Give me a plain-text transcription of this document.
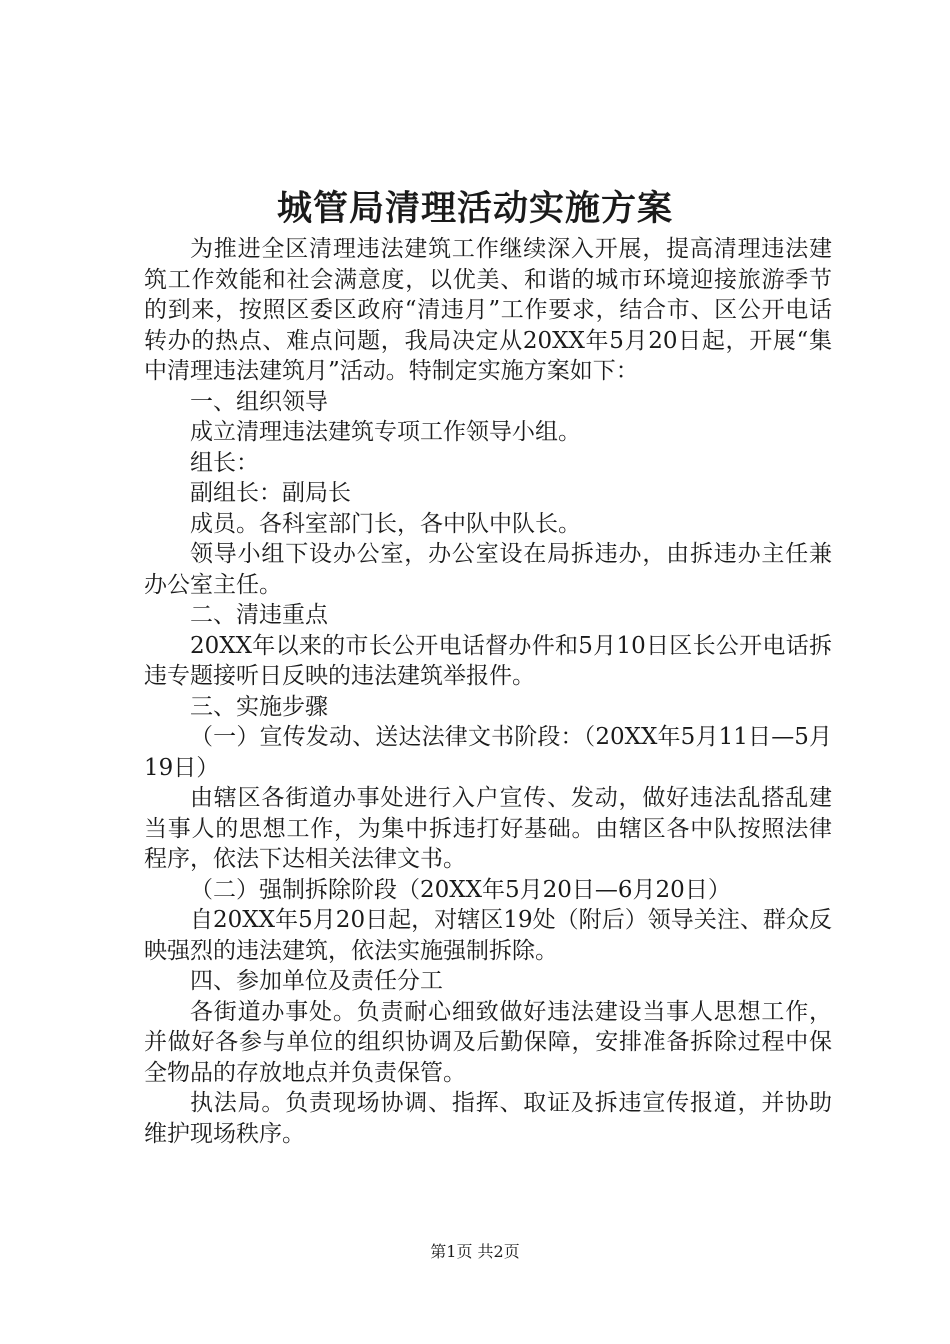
城管局清理活动实施方案

为推进全区清理违法建筑工作继续深入开展，提高清理违法建筑工作效能和社会满意度，以优美、和谐的城市环境迎接旅游季节的到来，按照区委区政府“清违月”工作要求，结合市、区公开电话转办的热点、难点问题，我局决定从20XX年5月20日起，开展“集中清理违法建筑月”活动。特制定实施方案如下：

一、组织领导

成立清理违法建筑专项工作领导小组。

组长：

副组长：副局长

成员。各科室部门长，各中队中队长。

领导小组下设办公室，办公室设在局拆违办，由拆违办主任兼办公室主任。

二、清违重点

20XX年以来的市长公开电话督办件和5月10日区长公开电话拆违专题接听日反映的违法建筑举报件。

三、实施步骤

（一）宣传发动、送达法律文书阶段：（20XX年5月11日—5月19日）

由辖区各街道办事处进行入户宣传、发动，做好违法乱搭乱建当事人的思想工作，为集中拆违打好基础。由辖区各中队按照法律程序，依法下达相关法律文书。

（二）强制拆除阶段（20XX年5月20日—6月20日）

自20XX年5月20日起，对辖区19处（附后）领导关注、群众反映强烈的违法建筑，依法实施强制拆除。

四、参加单位及责任分工

各街道办事处。负责耐心细致做好违法建设当事人思想工作，并做好各参与单位的组织协调及后勤保障，安排准备拆除过程中保全物品的存放地点并负责保管。

执法局。负责现场协调、指挥、取证及拆违宣传报道，并协助维护现场秩序。

第1页 共2页
